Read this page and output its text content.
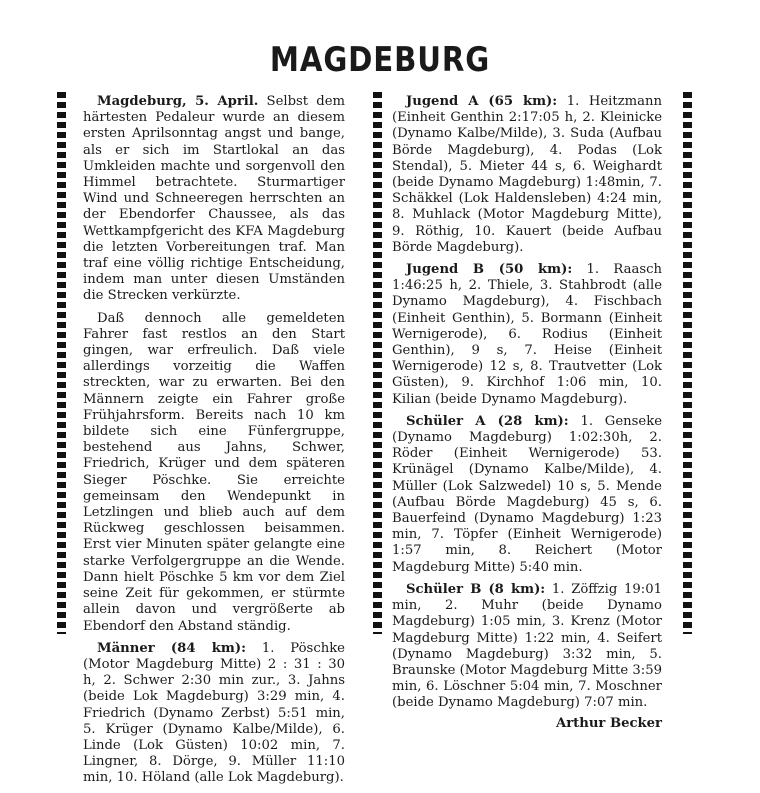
MAGDEBURG

Magdeburg, 5. April. Selbst dem härtesten Pedaleur wurde an diesem ersten Aprilsonntag angst und bange, als er sich im Startlokal an das Umkleiden machte und sorgenvoll den Himmel betrachtete. Sturmartiger Wind und Schneeregen herrschten an der Ebendorfer Chaussee, als das Wettkampfgericht des KFA Magdeburg die letzten Vorbereitungen traf. Man traf eine völlig richtige Entscheidung, indem man unter diesen Umständen die Strecken verkürzte.

Daß dennoch alle gemeldeten Fahrer fast restlos an den Start gingen, war erfreulich. Daß viele allerdings vorzeitig die Waffen streckten, war zu erwarten. Bei den Männern zeigte ein Fahrer große Frühjahrsform. Bereits nach 10 km bildete sich eine Fünfergruppe, bestehend aus Jahns, Schwer, Friedrich, Krüger und dem späteren Sieger Pöschke. Sie erreichte gemeinsam den Wendepunkt in Letzlingen und blieb auch auf dem Rückweg geschlossen beisammen. Erst vier Minuten später gelangte eine starke Verfolgergruppe an die Wende. Dann hielt Pöschke 5 km vor dem Ziel seine Zeit für gekommen, er stürmte allein davon und vergrößerte ab Ebendorf den Abstand ständig.

Männer (84 km): 1. Pöschke (Motor Magdeburg Mitte) 2 : 31 : 30 h, 2. Schwer 2:30 min zur., 3. Jahns (beide Lok Magdeburg) 3:29 min, 4. Friedrich (Dynamo Zerbst) 5:51 min, 5. Krüger (Dynamo Kalbe/Milde), 6. Linde (Lok Güsten) 10:02 min, 7. Lingner, 8. Dörge, 9. Müller 11:10 min, 10. Höland (alle Lok Magdeburg).

Jugend A (65 km): 1. Heitzmann (Einheit Genthin 2:17:05 h, 2. Kleinicke (Dynamo Kalbe/Milde), 3. Suda (Aufbau Börde Magdeburg), 4. Podas (Lok Stendal), 5. Mieter 44 s, 6. Weighardt (beide Dynamo Magdeburg) 1:48min, 7. Schäkkel (Lok Haldensleben) 4:24 min, 8. Muhlack (Motor Magdeburg Mitte), 9. Röthig, 10. Kauert (beide Aufbau Börde Magdeburg).

Jugend B (50 km): 1. Raasch 1:46:25 h, 2. Thiele, 3. Stahbrodt (alle Dynamo Magdeburg), 4. Fischbach (Einheit Genthin), 5. Bormann (Einheit Wernigerode), 6. Rodius (Einheit Genthin), 9 s, 7. Heise (Einheit Wernigerode) 12 s, 8. Trautvetter (Lok Güsten), 9. Kirchhof 1:06 min, 10. Kilian (beide Dynamo Magdeburg).

Schüler A (28 km): 1. Genseke (Dynamo Magdeburg) 1:02:30h, 2. Röder (Einheit Wernigerode) 53. Krünägel (Dynamo Kalbe/Milde), 4. Müller (Lok Salzwedel) 10 s, 5. Mende (Aufbau Börde Magdeburg) 45 s, 6. Bauerfeind (Dynamo Magdeburg) 1:23 min, 7. Töpfer (Einheit Wernigerode) 1:57 min, 8. Reichert (Motor Magdeburg Mitte) 5:40 min.

Schüler B (8 km): 1. Zöffzig 19:01 min, 2. Muhr (beide Dynamo Magdeburg) 1:05 min, 3. Krenz (Motor Magdeburg Mitte) 1:22 min, 4. Seifert (Dynamo Magdeburg) 3:32 min, 5. Braunske (Motor Magdeburg Mitte 3:59 min, 6. Löschner 5:04 min, 7. Moschner (beide Dynamo Magdeburg) 7:07 min.

Arthur Becker
